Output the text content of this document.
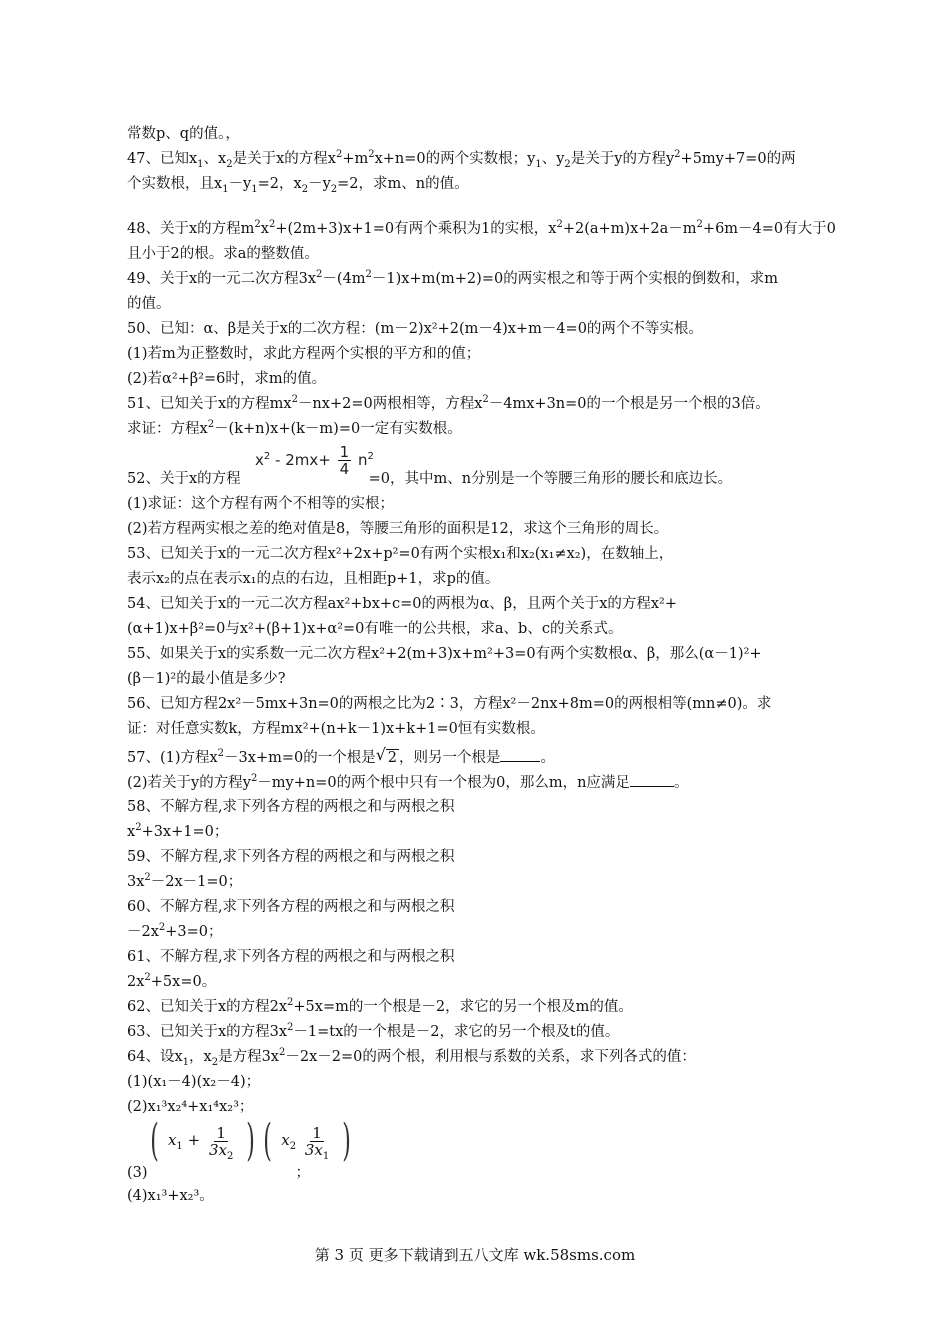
常数p、q的值。，
47、已知$x_1$、$x_2$是关于x的方程$x^2+m^2x+n=0$的两个实数根；$y_1$、$y_2$是关于y的方程$y^2+5my+7=0$的两
个实数根，且$x_1-y_1=2$，$x_2-y_2=2$，求m、n的值。
48、关于x的方程$m^2x^2+(2m+3)x+1=0$有两个乘积为1的实根，$x^2+2(a+m)x+2a-m^2+6m-4=0$有大于0
且小于2的根。求a的整数值。
49、关于x的一元二次方程$3x^2-(4m^2-1)x+m(m+2)=0$的两实根之和等于两个实根的倒数和，求m
的值。
50、已知：α、β是关于x的二次方程：(m－2)x²+2(m－4)x+m－4=0的两个不等实根。
(1)若m为正整数时，求此方程两个实根的平方和的值；
(2)若α²+β²=6时，求m的值。
51、已知关于x的方程$mx^2-nx+2=0$两根相等，方程$x^2-4mx+3n=0$的一个根是另一个根的3倍。
求证：方程$x^2-(k+n)x+(k-m)=0$一定有实数根。
$x^2 - 2mx+ \frac{1}{4} n^2$
52、关于x的方程	=0，其中m、n分别是一个等腰三角形的腰长和底边长。
(1)求证：这个方程有两个不相等的实根；
(2)若方程两实根之差的绝对值是8，等腰三角形的面积是12，求这个三角形的周长。
53、已知关于x的一元二次方程x²+2x+p²=0有两个实根x₁和x₂(x₁≠x₂)，在数轴上，
表示x₂的点在表示x₁的点的右边，且相距p+1，求p的值。
54、已知关于x的一元二次方程ax²+bx+c=0的两根为α、β，且两个关于x的方程x²+
(α+1)x+β²=0与x²+(β+1)x+α²=0有唯一的公共根，求a、b、c的关系式。
55、如果关于x的实系数一元二次方程x²+2(m+3)x+m²+3=0有两个实数根α、β，那么(α－1)²+
(β－1)²的最小值是多少?
56、已知方程2x²－5mx+3n=0的两根之比为2∶3，方程x²－2nx+8m=0的两根相等(mn≠0)。求
证：对任意实数k，方程mx²+(n+k－1)x+k+1=0恒有实数根。
57、(1)方程$x^2-3x+m=0$的一个根是 √ 2 ，则另一个根是	。
(2)若关于y的方程$y^2-my+n=0$的两个根中只有一个根为0，那么m，n应满足	。
58、不解方程,求下列各方程的两根之和与两根之积
$x^2+3x+1=0$；
59、不解方程,求下列各方程的两根之和与两根之积
$3x^2-2x-1=0$；
60、不解方程,求下列各方程的两根之和与两根之积
$-2x^2+3=0$；
61、不解方程,求下列各方程的两根之和与两根之积
$2x^2+5x=0$。
62、已知关于x的方程$2x^2+5x=m$的一个根是－2，求它的另一个根及m的值。
63、已知关于x的方程$3x^2-1=tx$的一个根是－2，求它的另一个根及t的值。
64、设$x_1$，$x_2$是方程$3x^2-2x-2=0$的两个根，利用根与系数的关系，求下列各式的值：
(1)(x₁－4)(x₂－4)；
(2)x₁³x₂⁴+x₁⁴x₂³；
( $x_1 + \frac{1}{3x_2}$ ) ( $x_2 \frac{1}{3x_1}$ )
(3)	；
(4)x₁³+x₂³。
第 3 页 更多下载请到五八文库 wk.58sms.com
